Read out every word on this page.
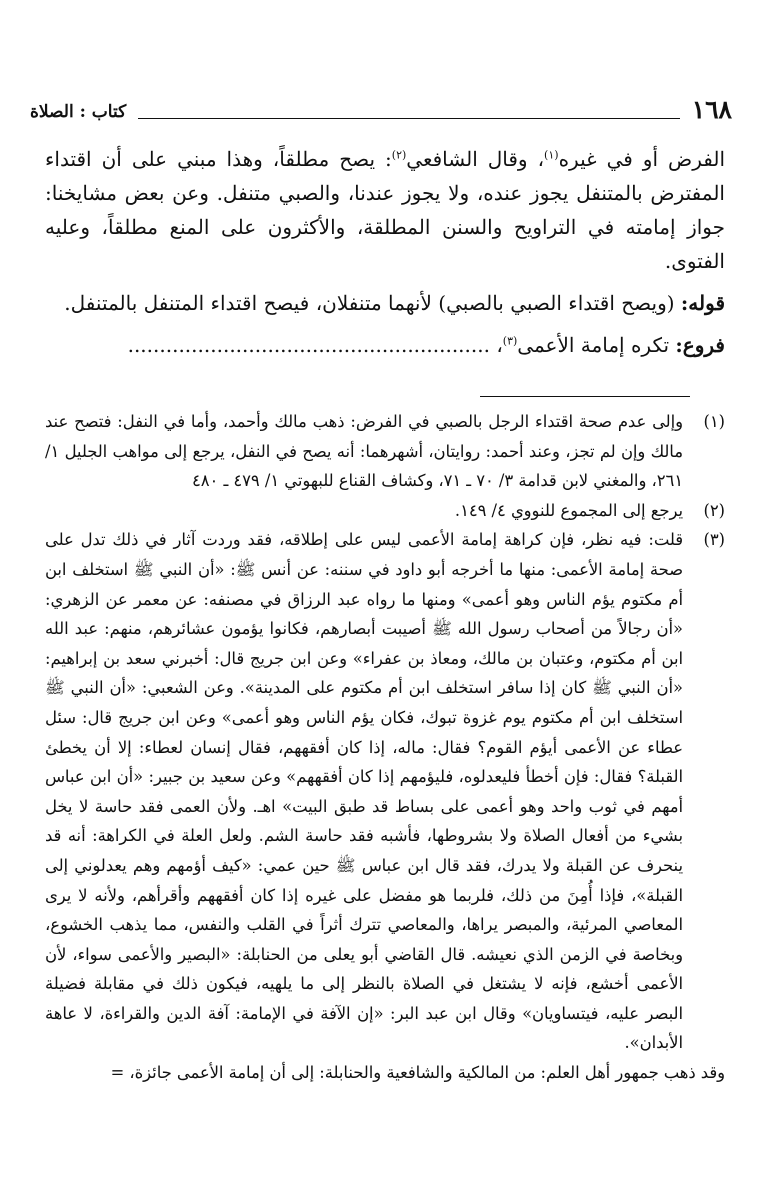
١٦٨
كتاب : الصلاة

الفرض أو في غيره$^{(١)}$، وقال الشافعي$^{(٢)}$: يصح مطلقاً، وهذا مبني على أن اقتداء المفترض بالمتنفل يجوز عنده، ولا يجوز عندنا، والصبي متنفل. وعن بعض مشايخنا: جواز إمامته في التراويح والسنن المطلقة، والأكثرون على المنع مطلقاً، وعليه الفتوى.

قوله: (ويصح اقتداء الصبي بالصبي) لأنهما متنفلان، فيصح اقتداء المتنفل بالمتنفل.

فروع: تكره إمامة الأعمى$^{(٣)}$، .........................................................

(١)
وإلى عدم صحة اقتداء الرجل بالصبي في الفرض: ذهب مالك وأحمد، وأما في النفل: فتصح عند مالك وإن لم تجز، وعند أحمد: روايتان، أشهرهما: أنه يصح في النفل، يرجع إلى مواهب الجليل ١/ ٢٦١، والمغني لابن قدامة ٣/ ٧٠ ـ ٧١، وكشاف القناع للبهوتي ١/ ٤٧٩ ـ ٤٨٠
(٢)
يرجع إلى المجموع للنووي ٤/ ١٤٩.
(٣)
قلت: فيه نظر، فإن كراهة إمامة الأعمى ليس على إطلاقه، فقد وردت آثار في ذلك تدل على صحة إمامة الأعمى: منها ما أخرجه أبو داود في سننه: عن أنس ﷺ: «أن النبي ﷺ استخلف ابن أم مكتوم يؤم الناس وهو أعمى» ومنها ما رواه عبد الرزاق في مصنفه: عن معمر عن الزهري: «أن رجالاً من أصحاب رسول الله ﷺ أصيبت أبصارهم، فكانوا يؤمون عشائرهم، منهم: عبد الله ابن أم مكتوم، وعتبان بن مالك، ومعاذ بن عفراء» وعن ابن جريج قال: أخبرني سعد بن إبراهيم: «أن النبي ﷺ كان إذا سافر استخلف ابن أم مكتوم على المدينة». وعن الشعبي: «أن النبي ﷺ استخلف ابن أم مكتوم يوم غزوة تبوك، فكان يؤم الناس وهو أعمى» وعن ابن جريج قال: سئل عطاء عن الأعمى أيؤم القوم؟ فقال: ماله، إذا كان أفقههم، فقال إنسان لعطاء: إلا أن يخطئ القبلة؟ فقال: فإن أخطأ فليعدلوه، فليؤمهم إذا كان أفقههم» وعن سعيد بن جبير: «أن ابن عباس أمهم في ثوب واحد وهو أعمى على بساط قد طبق البيت» اهـ. ولأن العمى فقد حاسة لا يخل بشيء من أفعال الصلاة ولا بشروطها، فأشبه فقد حاسة الشم. ولعل العلة في الكراهة: أنه قد ينحرف عن القبلة ولا يدرك، فقد قال ابن عباس ﷺ حين عمي: «كيف أؤمهم وهم يعدلوني إلى القبلة»، فإذا أُمِنَ من ذلك، فلربما هو مفضل على غيره إذا كان أفقههم وأقرأهم، ولأنه لا يرى المعاصي المرئية، والمبصر يراها، والمعاصي تترك أثراً في القلب والنفس، مما يذهب الخشوع، وبخاصة في الزمن الذي نعيشه. قال القاضي أبو يعلى من الحنابلة: «البصير والأعمى سواء، لأن الأعمى أخشع، فإنه لا يشتغل في الصلاة بالنظر إلى ما يلهيه، فيكون ذلك في مقابلة فضيلة البصر عليه، فيتساويان» وقال ابن عبد البر: «إن الآفة في الإمامة: آفة الدين والقراءة، لا عاهة الأبدان».

وقد ذهب جمهور أهل العلم: من المالكية والشافعية والحنابلة: إلى أن إمامة الأعمى جائزة، =
